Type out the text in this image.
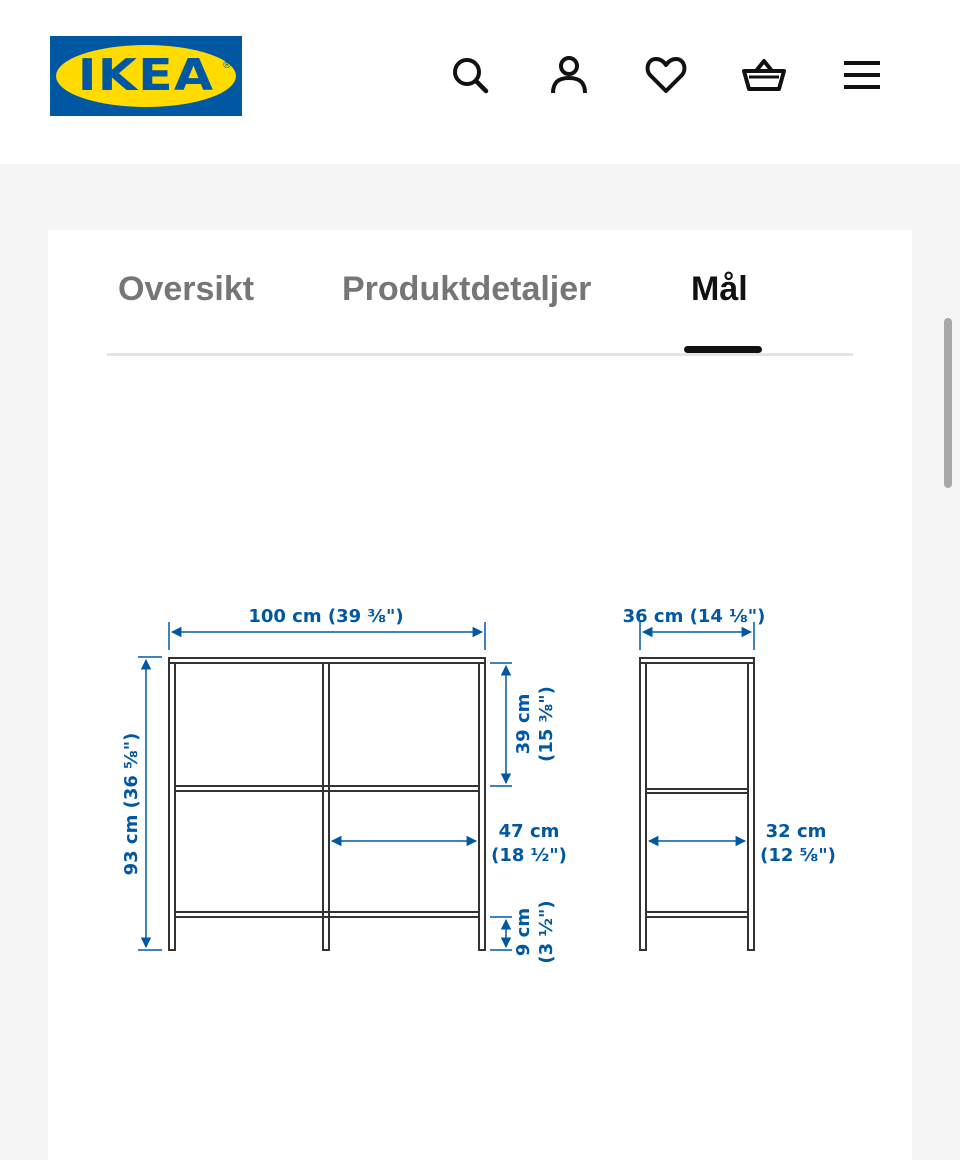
IKEA ®
Oversikt	Produktdetaljer	Mål
100 cm (39 ⅜")
93 cm (36 ⅝")
39 cm (15 ⅜")
47 cm
(18 ½")
9 cm (3 ½")
36 cm (14 ⅛")
32 cm
(12 ⅝")
